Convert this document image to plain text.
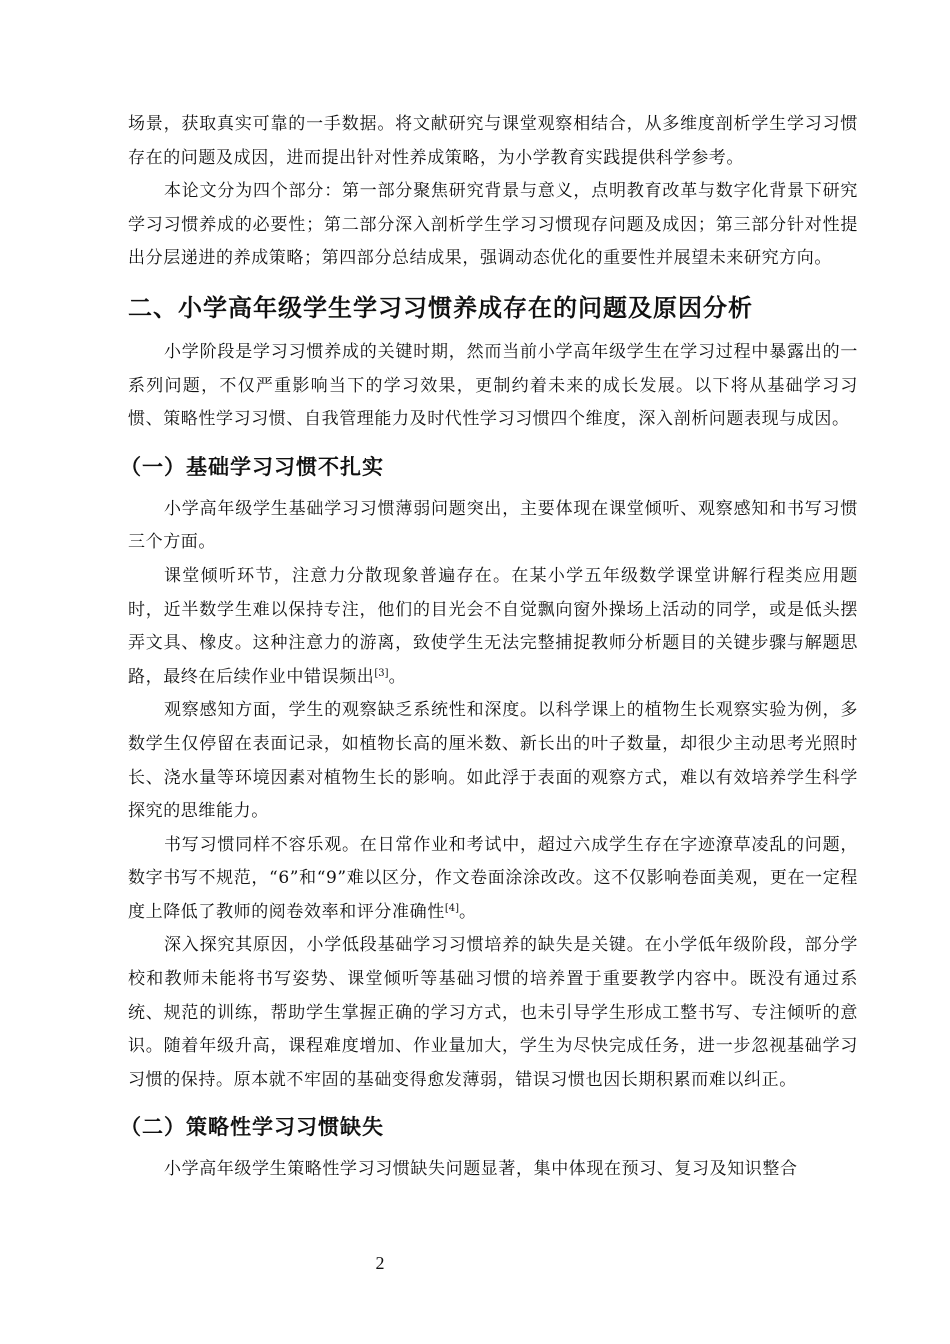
场景，获取真实可靠的一手数据。将文献研究与课堂观察相结合，从多维度剖析学生学习习惯存在的问题及成因，进而提出针对性养成策略，为小学教育实践提供科学参考。

本论文分为四个部分：第一部分聚焦研究背景与意义，点明教育改革与数字化背景下研究学习习惯养成的必要性；第二部分深入剖析学生学习习惯现存问题及成因；第三部分针对性提出分层递进的养成策略；第四部分总结成果，强调动态优化的重要性并展望未来研究方向。

二、小学高年级学生学习习惯养成存在的问题及原因分析

小学阶段是学习习惯养成的关键时期，然而当前小学高年级学生在学习过程中暴露出的一系列问题，不仅严重影响当下的学习效果，更制约着未来的成长发展。以下将从基础学习习惯、策略性学习习惯、自我管理能力及时代性学习习惯四个维度，深入剖析问题表现与成因。

（一）基础学习习惯不扎实

小学高年级学生基础学习习惯薄弱问题突出，主要体现在课堂倾听、观察感知和书写习惯三个方面。

课堂倾听环节，注意力分散现象普遍存在。在某小学五年级数学课堂讲解行程类应用题时，近半数学生难以保持专注，他们的目光会不自觉飘向窗外操场上活动的同学，或是低头摆弄文具、橡皮。这种注意力的游离，致使学生无法完整捕捉教师分析题目的关键步骤与解题思路，最终在后续作业中错误频出[3]。

观察感知方面，学生的观察缺乏系统性和深度。以科学课上的植物生长观察实验为例，多数学生仅停留在表面记录，如植物长高的厘米数、新长出的叶子数量，却很少主动思考光照时长、浇水量等环境因素对植物生长的影响。如此浮于表面的观察方式，难以有效培养学生科学探究的思维能力。

书写习惯同样不容乐观。在日常作业和考试中，超过六成学生存在字迹潦草凌乱的问题，数字书写不规范，“6”和“9”难以区分，作文卷面涂涂改改。这不仅影响卷面美观，更在一定程度上降低了教师的阅卷效率和评分准确性[4]。

深入探究其原因，小学低段基础学习习惯培养的缺失是关键。在小学低年级阶段，部分学校和教师未能将书写姿势、课堂倾听等基础习惯的培养置于重要教学内容中。既没有通过系统、规范的训练，帮助学生掌握正确的学习方式，也未引导学生形成工整书写、专注倾听的意识。随着年级升高，课程难度增加、作业量加大，学生为尽快完成任务，进一步忽视基础学习习惯的保持。原本就不牢固的基础变得愈发薄弱，错误习惯也因长期积累而难以纠正。

（二）策略性学习习惯缺失

小学高年级学生策略性学习习惯缺失问题显著，集中体现在预习、复习及知识整合

2
